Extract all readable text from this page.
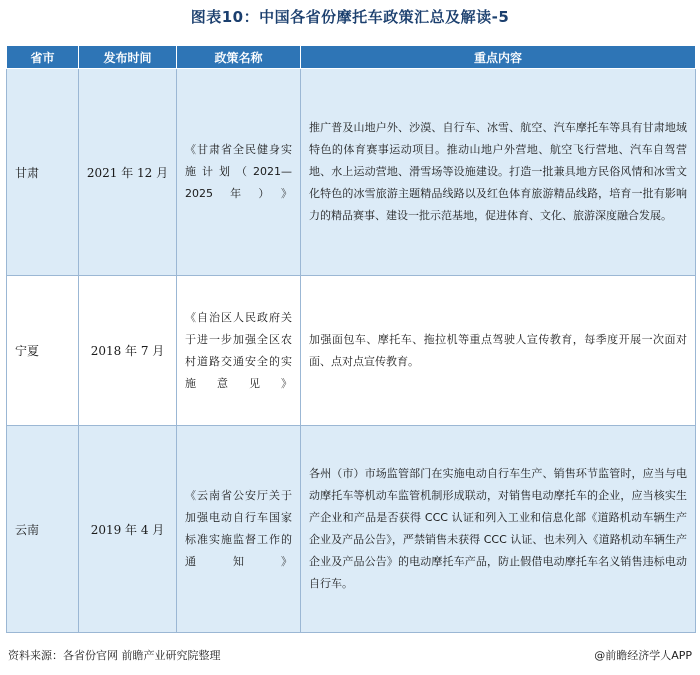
图表10：中国各省份摩托车政策汇总及解读-5
省市	发布时间	政策名称	重点内容
甘肃	2021 年 12 月	《甘肃省全民健身实施计划（2021—2025年）》	推广普及山地户外、沙漠、自行车、冰雪、航空、汽车摩托车等具有甘肃地域特色的体育赛事运动项目。推动山地户外营地、航空飞行营地、汽车自驾营地、水上运动营地、滑雪场等设施建设。打造一批兼具地方民俗风情和冰雪文化特色的冰雪旅游主题精品线路以及红色体育旅游精品线路，培育一批有影响力的精品赛事、建设一批示范基地，促进体育、文化、旅游深度融合发展。
宁夏	2018 年 7 月	《自治区人民政府关于进一步加强全区农村道路交通安全的实施意见》	加强面包车、摩托车、拖拉机等重点驾驶人宣传教育，每季度开展一次面对面、点对点宣传教育。
云南	2019 年 4 月	《云南省公安厅关于加强电动自行车国家标准实施监督工作的通知》	各州（市）市场监管部门在实施电动自行车生产、销售环节监管时，应当与电动摩托车等机动车监管机制形成联动，对销售电动摩托车的企业，应当核实生产企业和产品是否获得 CCC 认证和列入工业和信息化部《道路机动车辆生产企业及产品公告》，严禁销售未获得 CCC 认证、也未列入《道路机动车辆生产企业及产品公告》的电动摩托车产品，防止假借电动摩托车名义销售违标电动自行车。
资料来源：各省份官网 前瞻产业研究院整理	@前瞻经济学人APP
